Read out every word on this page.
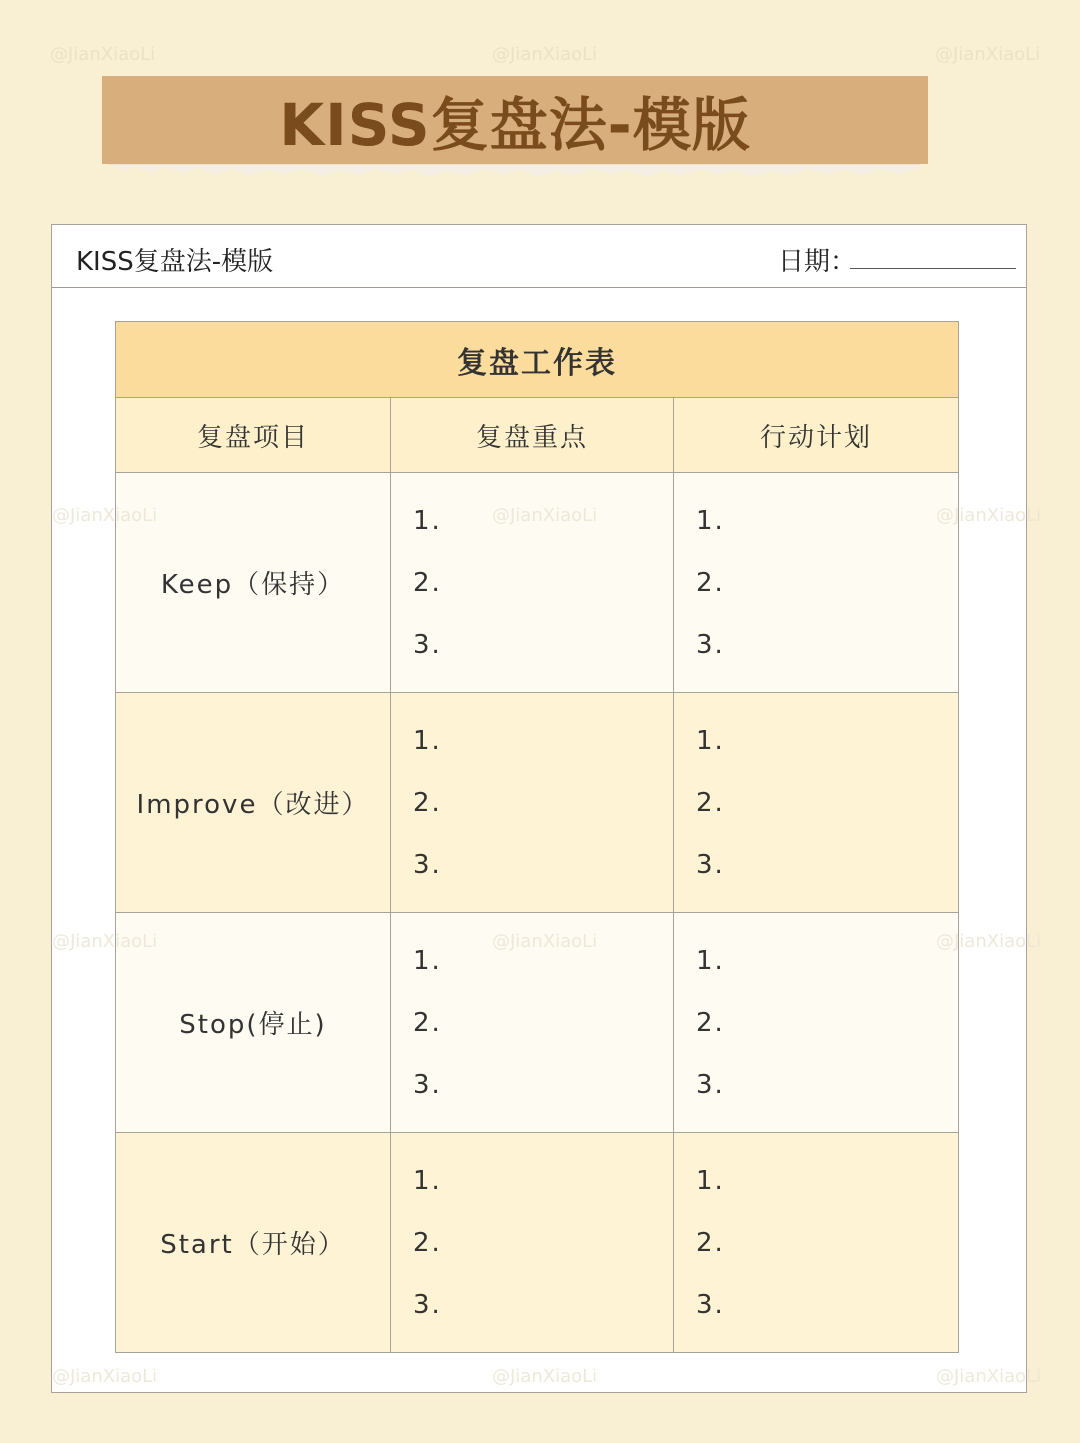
@JianXiaoLi	@JianXiaoLi	@JianXiaoLi
KISS复盘法-模版
KISS复盘法-模版	日期：
复盘工作表		
复盘项目	复盘重点	行动计划
Keep（保持）	1.
2.
3.	1.
2.
3.

Improve（改进）	1.
2.
3.	1.
2.
3.

Stop(停止)	1.
2.
3.	1.
2.
3.

Start（开始）	1.
2.
3.	1.
2.
3.
@JianXiaoLi	@JianXiaoLi	@JianXiaoLi
@JianXiaoLi	@JianXiaoLi	@JianXiaoLi
@JianXiaoLi	@JianXiaoLi	@JianXiaoLi
